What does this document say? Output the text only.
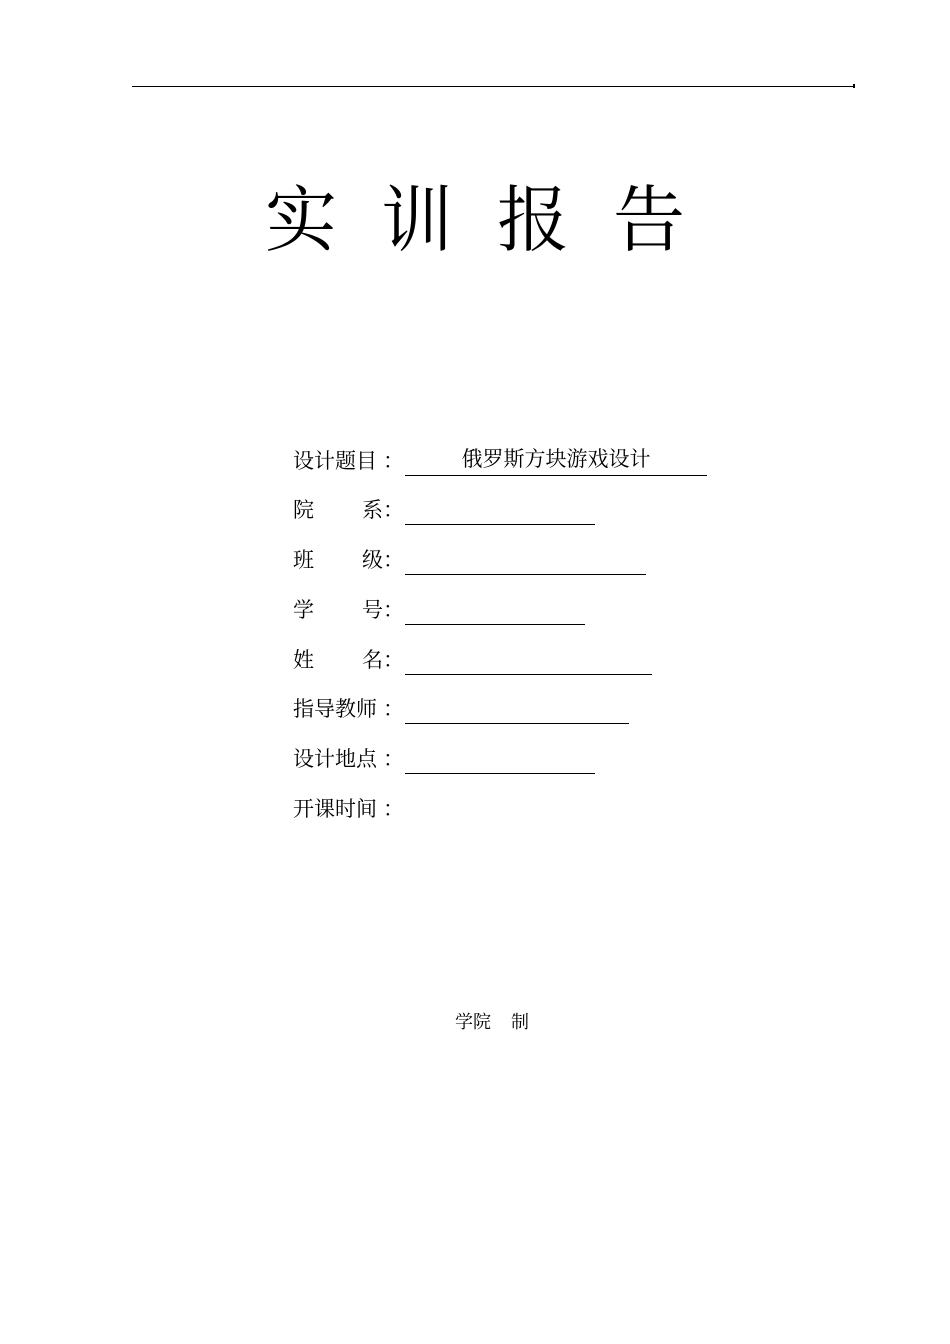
实训报告
设计题目 ：	俄罗斯方块游戏设计
院 系 ：
班 级 ：
学 号 ：
姓 名 ：
指导教师 ：
设计地点 ：
开课时间 ：
学院 制
